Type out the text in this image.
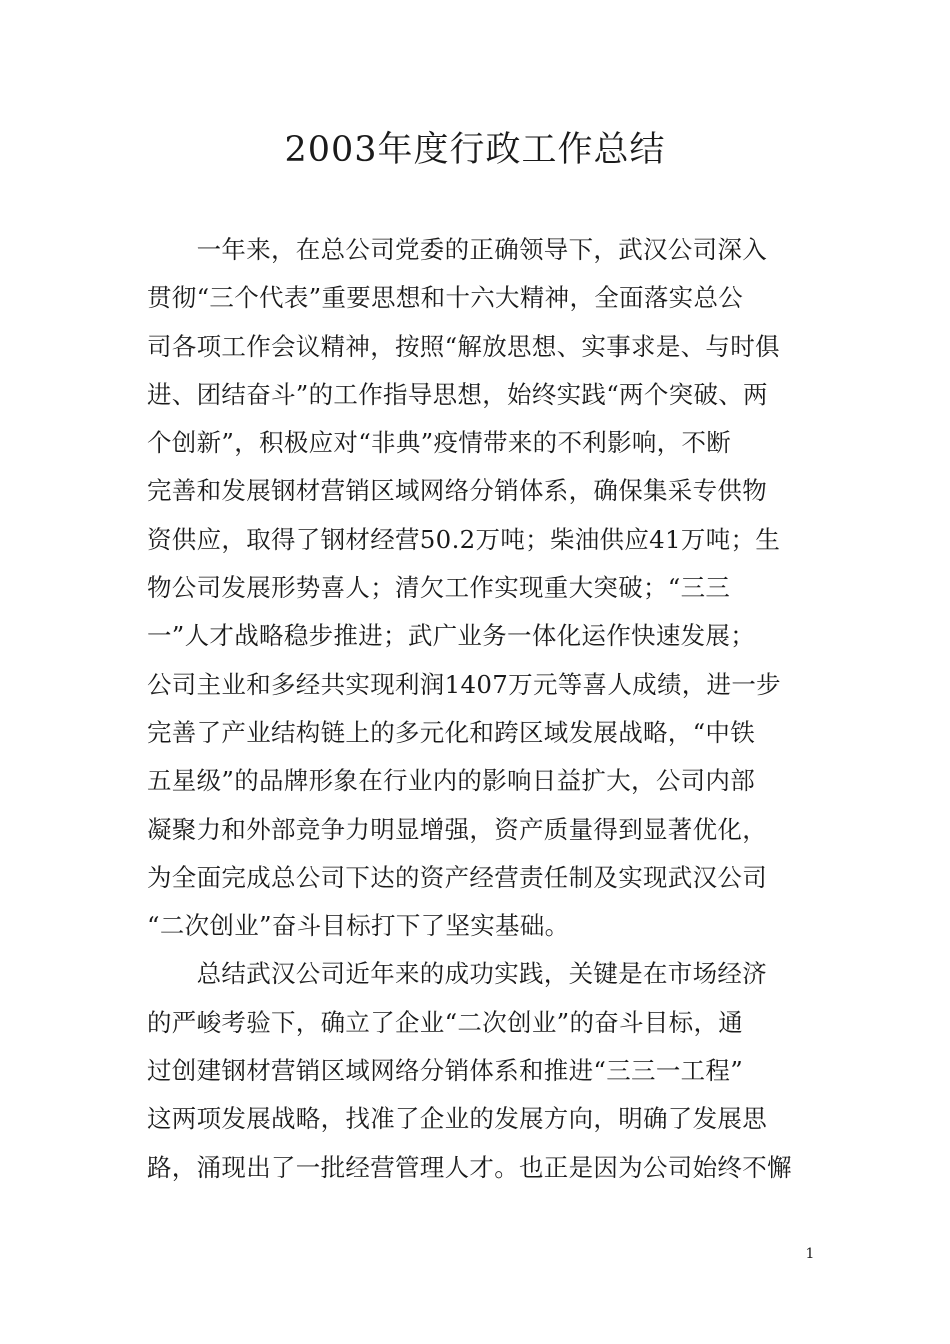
2003年度行政工作总结
　　一年来，在总公司党委的正确领导下，武汉公司深入
贯彻“三个代表”重要思想和十六大精神，全面落实总公
司各项工作会议精神，按照“解放思想、实事求是、与时俱
进、团结奋斗”的工作指导思想，始终实践“两个突破、两
个创新”，积极应对“非典”疫情带来的不利影响，不断
完善和发展钢材营销区域网络分销体系，确保集采专供物
资供应，取得了钢材经营50.2万吨；柴油供应41万吨；生
物公司发展形势喜人；清欠工作实现重大突破；“三三
一”人才战略稳步推进；武广业务一体化运作快速发展；
公司主业和多经共实现利润1407万元等喜人成绩，进一步
完善了产业结构链上的多元化和跨区域发展战略，“中铁
五星级”的品牌形象在行业内的影响日益扩大，公司内部
凝聚力和外部竞争力明显增强，资产质量得到显著优化，
为全面完成总公司下达的资产经营责任制及实现武汉公司
“二次创业”奋斗目标打下了坚实基础。
　　总结武汉公司近年来的成功实践，关键是在市场经济
的严峻考验下，确立了企业“二次创业”的奋斗目标，通
过创建钢材营销区域网络分销体系和推进“三三一工程”
这两项发展战略，找准了企业的发展方向，明确了发展思
路，涌现出了一批经营管理人才。也正是因为公司始终不懈
1
